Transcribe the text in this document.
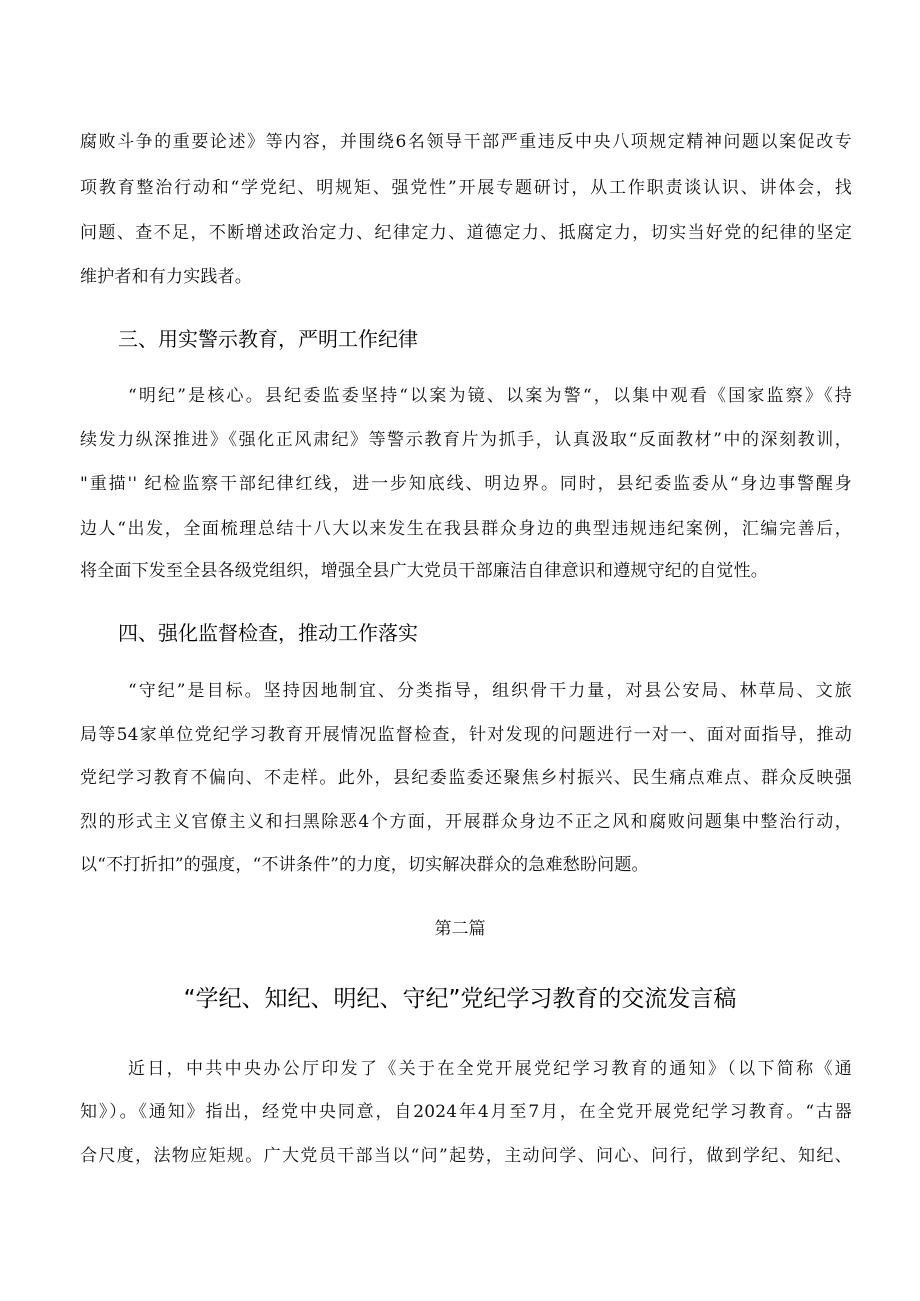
腐败斗争的重要论述》等内容，并围绕6名领导干部严重违反中央八项规定精神问题以案促改专
项教育整治行动和“学党纪、明规矩、强党性”开展专题研讨，从工作职责谈认识、讲体会，找
问题、查不足，不断增述政治定力、纪律定力、道德定力、抵腐定力，切实当好党的纪律的坚定
维护者和有力实践者。
三、用实警示教育，严明工作纪律
“明纪”是核心。县纪委监委坚持“以案为镜、以案为警“，以集中观看《国家监察》《持
续发力纵深推进》《强化正风肃纪》等警示教育片为抓手，认真汲取“反面教材”中的深刻教训，
"重描'' 纪检监察干部纪律红线，进一步知底线、明边界。同时，县纪委监委从“身边事警醒身
边人“出发，全面梳理总结十八大以来发生在我县群众身边的典型违规违纪案例，汇编完善后，
将全面下发至全县各级党组织，增强全县广大党员干部廉洁自律意识和遵规守纪的自觉性。
四、强化监督检查，推动工作落实
“守纪”是目标。坚持因地制宜、分类指导，组织骨干力量，对县公安局、林草局、文旅
局等54家单位党纪学习教育开展情况监督检查，针对发现的问题进行一对一、面对面指导，推动
党纪学习教育不偏向、不走样。此外，县纪委监委还聚焦乡村振兴、民生痛点难点、群众反映强
烈的形式主义官僚主义和扫黑除恶4个方面，开展群众身边不正之风和腐败问题集中整治行动，
以“不打折扣”的强度，“不讲条件”的力度，切实解决群众的急难愁盼问题。
第二篇
“学纪、知纪、明纪、守纪”党纪学习教育的交流发言稿
近日，中共中央办公厅印发了《关于在全党开展党纪学习教育的通知》（以下简称《通
知》）。《通知》指出，经党中央同意，自2024年4月至7月，在全党开展党纪学习教育。“古器
合尺度，法物应矩规。广大党员干部当以“问”起势，主动问学、问心、问行，做到学纪、知纪、
